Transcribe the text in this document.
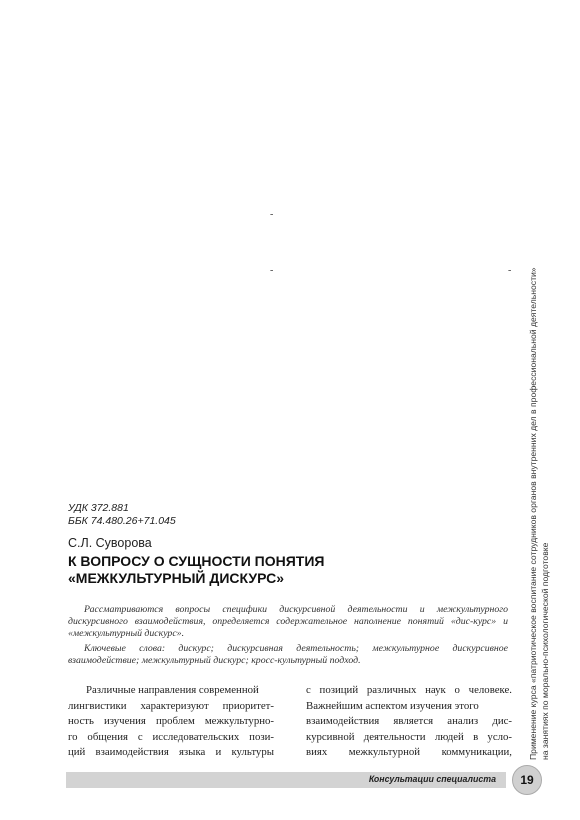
-
-	- Применение курса «патриотическое воспитание сотрудников органов внутренних дел в профессиональной деятельности» на занятиях по морально-психологической подготовке
УДК 372.881
ББК 74.480.26+71.045
С.Л. Суворова
К ВОПРОСУ О СУЩНОСТИ ПОНЯТИЯ
«МЕЖКУЛЬТУРНЫЙ ДИСКУРС»

Рассматриваются вопросы специфики дискурсивной деятельности и межкультурного дискурсивного взаимодействия, определяется содержательное наполнение понятий «дис-курс» и «межкультурный дискурс».

Ключевые слова: дискурс; дискурсивная деятельность; межкультурное дискурсивное взаимодействие; межкультурный дискурс; кросс-культурный подход.

Различные направления современной
лингвистики характеризуют приоритет-
ность изучения проблем межкультурно-
го общения с исследовательских пози-
ций взаимодействия языка и культуры
с позиций различных наук о человеке.
Важнейшим аспектом изучения этого
взаимодействия является анализ дис-
курсивной деятельности людей в усло-
виях межкультурной коммуникации,
Консультации специалиста	19
